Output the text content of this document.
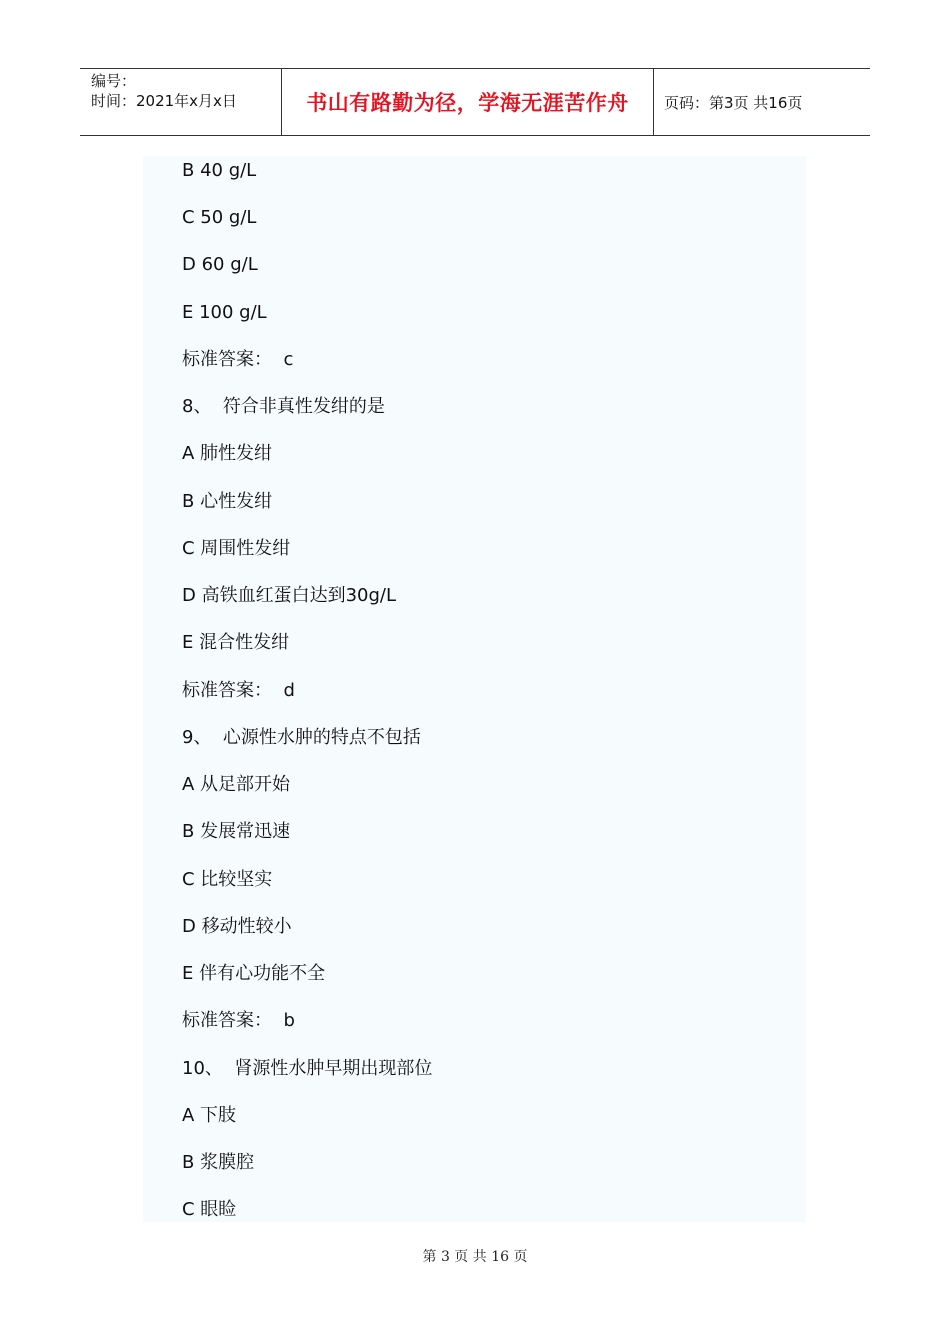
编号：
时间：2021年x月x日	书山有路勤为径，学海无涯苦作舟 页码：第3页 共16页
B 40 g/L
C 50 g/L
D 60 g/L
E 100 g/L
标准答案：  c
8、  符合非真性发绀的是
A 肺性发绀
B 心性发绀
C 周围性发绀
D 高铁血红蛋白达到30g/L
E 混合性发绀
标准答案：  d
9、  心源性水肿的特点不包括
A 从足部开始
B 发展常迅速
C 比较坚实
D 移动性较小
E 伴有心功能不全
标准答案：  b
10、  肾源性水肿早期出现部位
A 下肢
B 浆膜腔
C 眼睑
第 3 页 共 16 页
